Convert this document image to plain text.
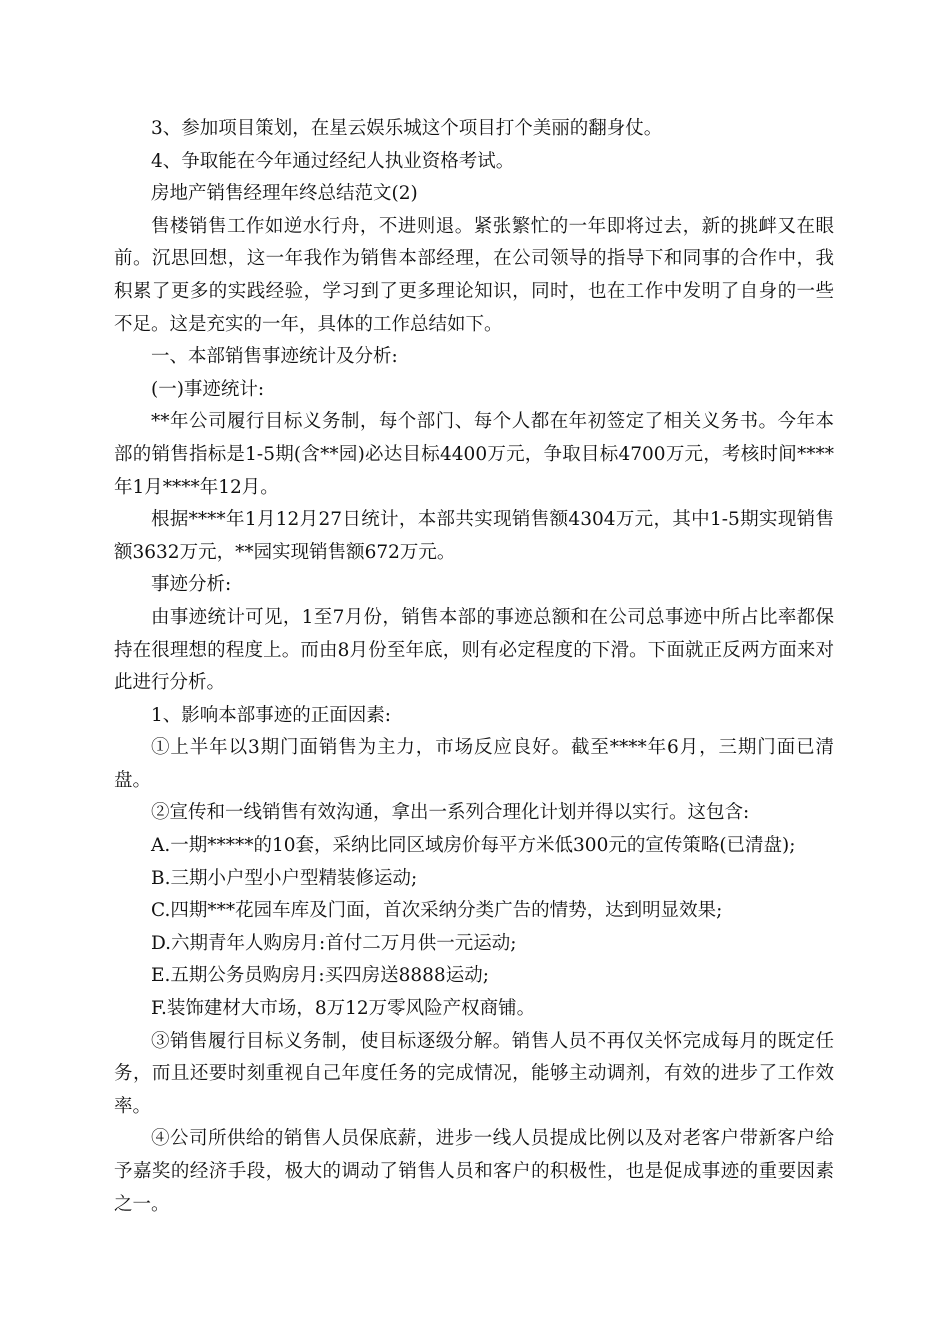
3、参加项目策划，在星云娱乐城这个项目打个美丽的翻身仗。

4、争取能在今年通过经纪人执业资格考试。

房地产销售经理年终总结范文(2)

售楼销售工作如逆水行舟，不进则退。紧张繁忙的一年即将过去，新的挑衅又在眼前。沉思回想，这一年我作为销售本部经理，在公司领导的指导下和同事的合作中，我积累了更多的实践经验，学习到了更多理论知识，同时，也在工作中发明了自身的一些不足。这是充实的一年，具体的工作总结如下。

一、本部销售事迹统计及分析:

(一)事迹统计:

**年公司履行目标义务制，每个部门、每个人都在年初签定了相关义务书。今年本部的销售指标是1-5期(含**园)必达目标4400万元，争取目标4700万元，考核时间****年1月****年12月。

根据****年1月12月27日统计，本部共实现销售额4304万元，其中1-5期实现销售额3632万元，**园实现销售额672万元。

事迹分析:

由事迹统计可见，1至7月份，销售本部的事迹总额和在公司总事迹中所占比率都保持在很理想的程度上。而由8月份至年底，则有必定程度的下滑。下面就正反两方面来对此进行分析。

1、影响本部事迹的正面因素:

①上半年以3期门面销售为主力，市场反应良好。截至****年6月，三期门面已清盘。

②宣传和一线销售有效沟通，拿出一系列合理化计划并得以实行。这包含:

A.一期*****的10套，采纳比同区域房价每平方米低300元的宣传策略(已清盘);

B.三期小户型小户型精装修运动;

C.四期***花园车库及门面，首次采纳分类广告的情势，达到明显效果;

D.六期青年人购房月:首付二万月供一元运动;

E.五期公务员购房月:买四房送8888运动;

F.装饰建材大市场，8万12万零风险产权商铺。

③销售履行目标义务制，使目标逐级分解。销售人员不再仅关怀完成每月的既定任务，而且还要时刻重视自己年度任务的完成情况，能够主动调剂，有效的进步了工作效率。

④公司所供给的销售人员保底薪，进步一线人员提成比例以及对老客户带新客户给予嘉奖的经济手段，极大的调动了销售人员和客户的积极性，也是促成事迹的重要因素之一。
